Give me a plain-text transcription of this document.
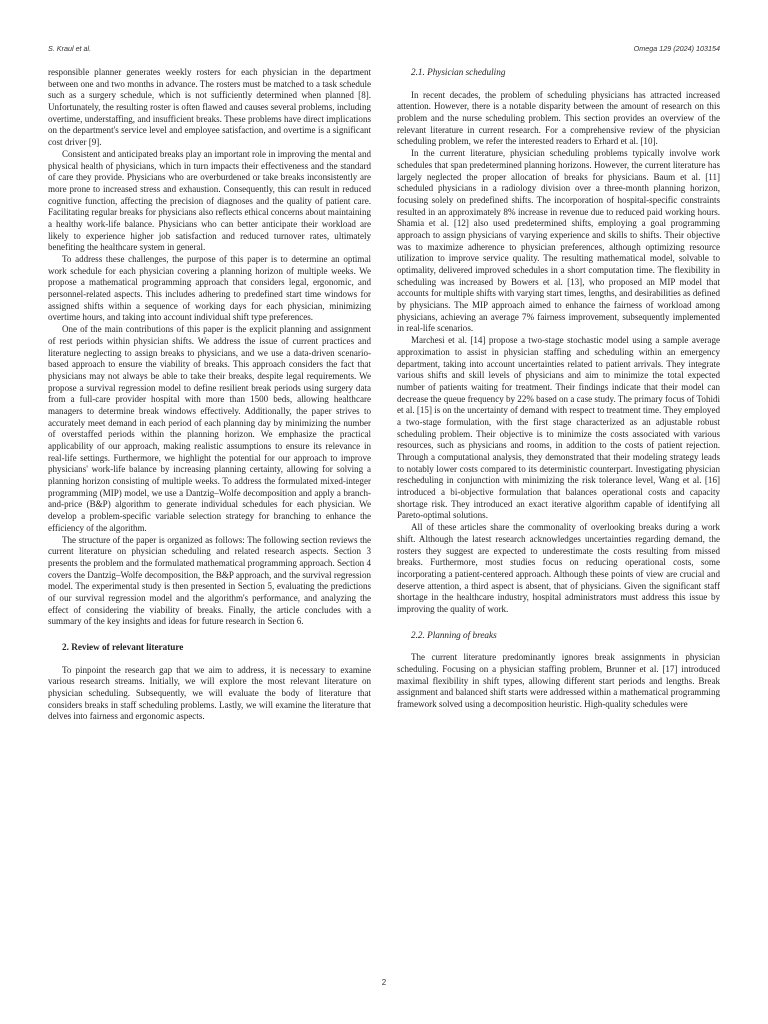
S. Kraul et al.	Omega 129 (2024) 103154

responsible planner generates weekly rosters for each physician in the department between one and two months in advance. The rosters must be matched to a task schedule such as a surgery schedule, which is not sufficiently determined when planned [8]. Unfortunately, the resulting roster is often flawed and causes several problems, including overtime, understaffing, and insufficient breaks. These problems have direct implications on the department's service level and employee satisfaction, and overtime is a significant cost driver [9].

Consistent and anticipated breaks play an important role in improving the mental and physical health of physicians, which in turn impacts their effectiveness and the standard of care they provide. Physicians who are overburdened or take breaks inconsistently are more prone to increased stress and exhaustion. Consequently, this can result in reduced cognitive function, affecting the precision of diagnoses and the quality of patient care. Facilitating regular breaks for physicians also reflects ethical concerns about maintaining a healthy work-life balance. Physicians who can better anticipate their workload are likely to experience higher job satisfaction and reduced turnover rates, ultimately benefiting the healthcare system in general.

To address these challenges, the purpose of this paper is to determine an optimal work schedule for each physician covering a planning horizon of multiple weeks. We propose a mathematical programming approach that considers legal, ergonomic, and personnel-related aspects. This includes adhering to predefined start time windows for assigned shifts within a sequence of working days for each physician, minimizing overtime hours, and taking into account individual shift type preferences.

One of the main contributions of this paper is the explicit planning and assignment of rest periods within physician shifts. We address the issue of current practices and literature neglecting to assign breaks to physicians, and we use a data-driven scenario-based approach to ensure the viability of breaks. This approach considers the fact that physicians may not always be able to take their breaks, despite legal requirements. We propose a survival regression model to define resilient break periods using surgery data from a full-care provider hospital with more than 1500 beds, allowing healthcare managers to determine break windows effectively. Additionally, the paper strives to accurately meet demand in each period of each planning day by minimizing the number of overstaffed periods within the planning horizon. We emphasize the practical applicability of our approach, making realistic assumptions to ensure its relevance in real-life settings. Furthermore, we highlight the potential for our approach to improve physicians' work-life balance by increasing planning certainty, allowing for solving a planning horizon consisting of multiple weeks. To address the formulated mixed-integer programming (MIP) model, we use a Dantzig–Wolfe decomposition and apply a branch-and-price (B&P) algorithm to generate individual schedules for each physician. We develop a problem-specific variable selection strategy for branching to enhance the efficiency of the algorithm.

The structure of the paper is organized as follows: The following section reviews the current literature on physician scheduling and related research aspects. Section 3 presents the problem and the formulated mathematical programming approach. Section 4 covers the Dantzig–Wolfe decomposition, the B&P approach, and the survival regression model. The experimental study is then presented in Section 5, evaluating the predictions of our survival regression model and the algorithm's performance, and analyzing the effect of considering the viability of breaks. Finally, the article concludes with a summary of the key insights and ideas for future research in Section 6.

2. Review of relevant literature

To pinpoint the research gap that we aim to address, it is necessary to examine various research streams. Initially, we will explore the most relevant literature on physician scheduling. Subsequently, we will evaluate the body of literature that considers breaks in staff scheduling problems. Lastly, we will examine the literature that delves into fairness and ergonomic aspects.

2.1. Physician scheduling

In recent decades, the problem of scheduling physicians has attracted increased attention. However, there is a notable disparity between the amount of research on this problem and the nurse scheduling problem. This section provides an overview of the relevant literature in current research. For a comprehensive review of the physician scheduling problem, we refer the interested readers to Erhard et al. [10].

In the current literature, physician scheduling problems typically involve work schedules that span predetermined planning horizons. However, the current literature has largely neglected the proper allocation of breaks for physicians. Baum et al. [11] scheduled physicians in a radiology division over a three-month planning horizon, focusing solely on predefined shifts. The incorporation of hospital-specific constraints resulted in an approximately 8% increase in revenue due to reduced paid working hours. Shamia et al. [12] also used predetermined shifts, employing a goal programming approach to assign physicians of varying experience and skills to shifts. Their objective was to maximize adherence to physician preferences, although optimizing resource utilization to improve service quality. The resulting mathematical model, solvable to optimality, delivered improved schedules in a short computation time. The flexibility in scheduling was increased by Bowers et al. [13], who proposed an MIP model that accounts for multiple shifts with varying start times, lengths, and desirabilities as defined by physicians. The MIP approach aimed to enhance the fairness of workload among physicians, achieving an average 7% fairness improvement, subsequently implemented in real-life scenarios.

Marchesi et al. [14] propose a two-stage stochastic model using a sample average approximation to assist in physician staffing and scheduling within an emergency department, taking into account uncertainties related to patient arrivals. They integrate various shifts and skill levels of physicians and aim to minimize the total expected number of patients waiting for treatment. Their findings indicate that their model can decrease the queue frequency by 22% based on a case study. The primary focus of Tohidi et al. [15] is on the uncertainty of demand with respect to treatment time. They employed a two-stage formulation, with the first stage characterized as an adjustable robust scheduling problem. Their objective is to minimize the costs associated with various resources, such as physicians and rooms, in addition to the costs of patient rejection. Through a computational analysis, they demonstrated that their modeling strategy leads to notably lower costs compared to its deterministic counterpart. Investigating physician rescheduling in conjunction with minimizing the risk tolerance level, Wang et al. [16] introduced a bi-objective formulation that balances operational costs and capacity shortage risk. They introduced an exact iterative algorithm capable of identifying all Pareto-optimal solutions.

All of these articles share the commonality of overlooking breaks during a work shift. Although the latest research acknowledges uncertainties regarding demand, the rosters they suggest are expected to underestimate the costs resulting from missed breaks. Furthermore, most studies focus on reducing operational costs, some incorporating a patient-centered approach. Although these points of view are crucial and deserve attention, a third aspect is absent, that of physicians. Given the significant staff shortage in the healthcare industry, hospital administrators must address this issue by improving the quality of work.

2.2. Planning of breaks

The current literature predominantly ignores break assignments in physician scheduling. Focusing on a physician staffing problem, Brunner et al. [17] introduced maximal flexibility in shift types, allowing different start periods and lengths. Break assignment and balanced shift starts were addressed within a mathematical programming framework solved using a decomposition heuristic. High-quality schedules were

2
